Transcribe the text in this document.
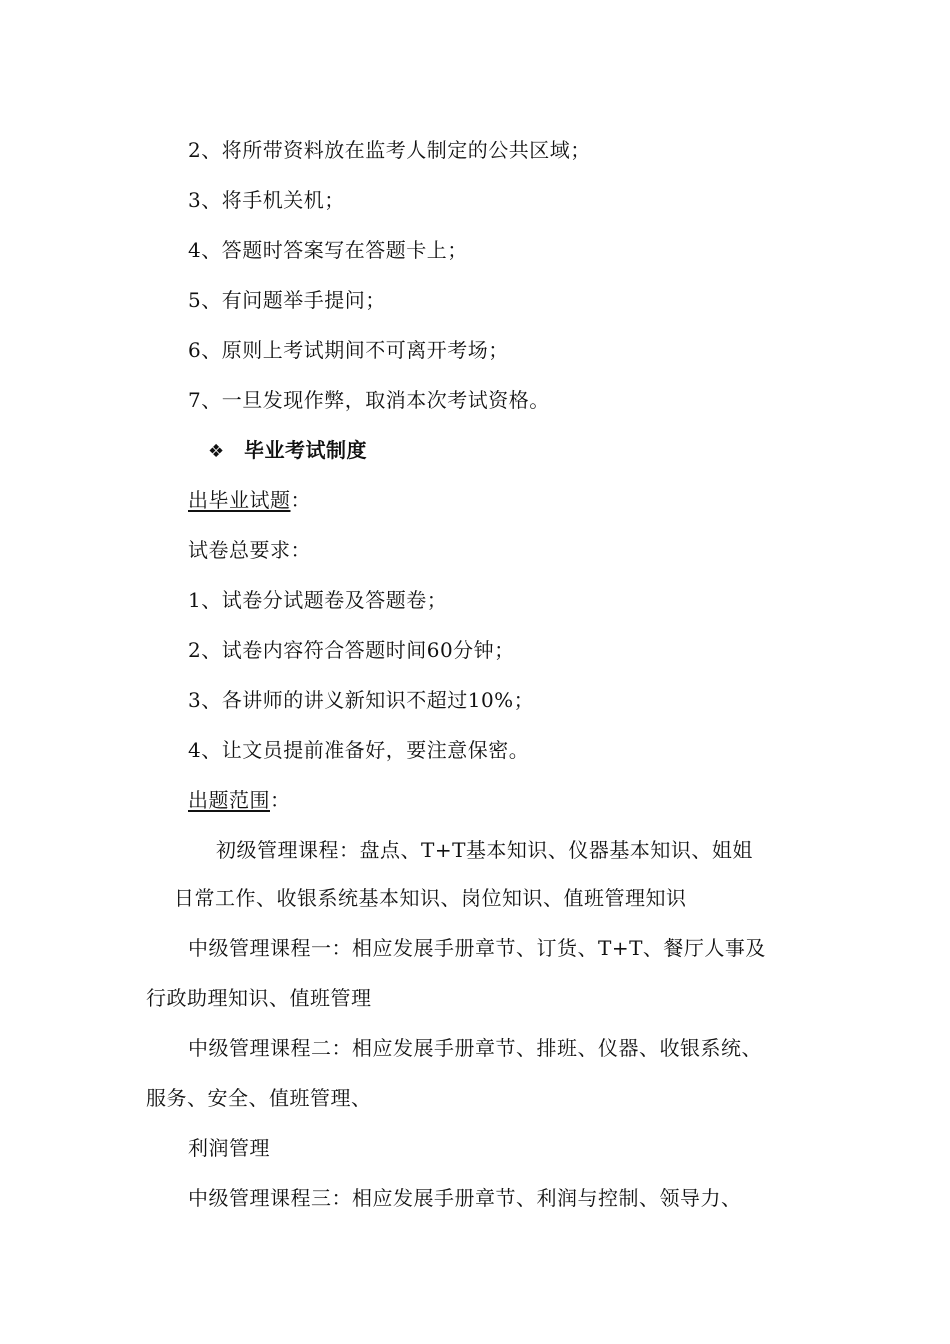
2、将所带资料放在监考人制定的公共区域；
3、将手机关机；
4、答题时答案写在答题卡上；
5、有问题举手提问；
6、原则上考试期间不可离开考场；
7、一旦发现作弊，取消本次考试资格。
❖ 毕业考试制度
出毕业试题：
试卷总要求：
1、试卷分试题卷及答题卷；
2、试卷内容符合答题时间60分钟；
3、各讲师的讲义新知识不超过10%；
4、让文员提前准备好，要注意保密。
出题范围：
初级管理课程：盘点、T+T基本知识、仪器基本知识、姐姐
日常工作、收银系统基本知识、岗位知识、值班管理知识
中级管理课程一：相应发展手册章节、订货、T+T、餐厅人事及
行政助理知识、值班管理
中级管理课程二：相应发展手册章节、排班、仪器、收银系统、
服务、安全、值班管理、
利润管理
中级管理课程三：相应发展手册章节、利润与控制、领导力、
